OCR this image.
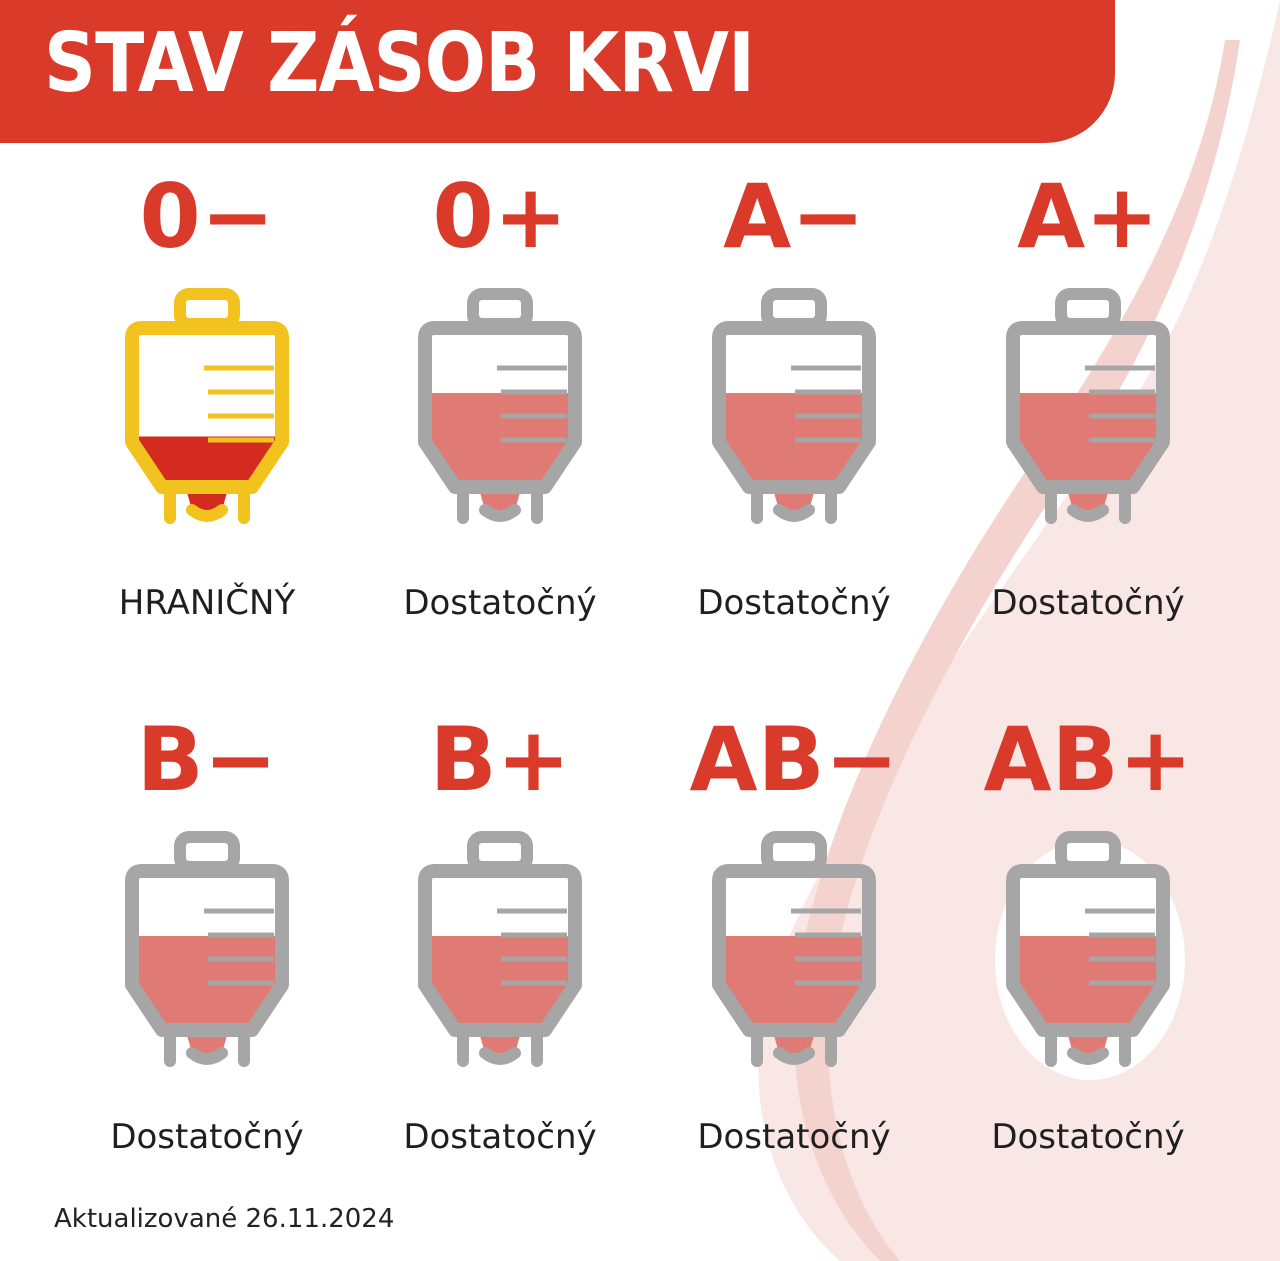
STAV ZÁSOB KRVI
0−
HRANIČNÝ
0+
Dostatočný
A−
Dostatočný
A+
Dostatočný
B−
Dostatočný
B+
Dostatočný
AB−
Dostatočný
AB+
Dostatočný
Aktualizované 26.11.2024
